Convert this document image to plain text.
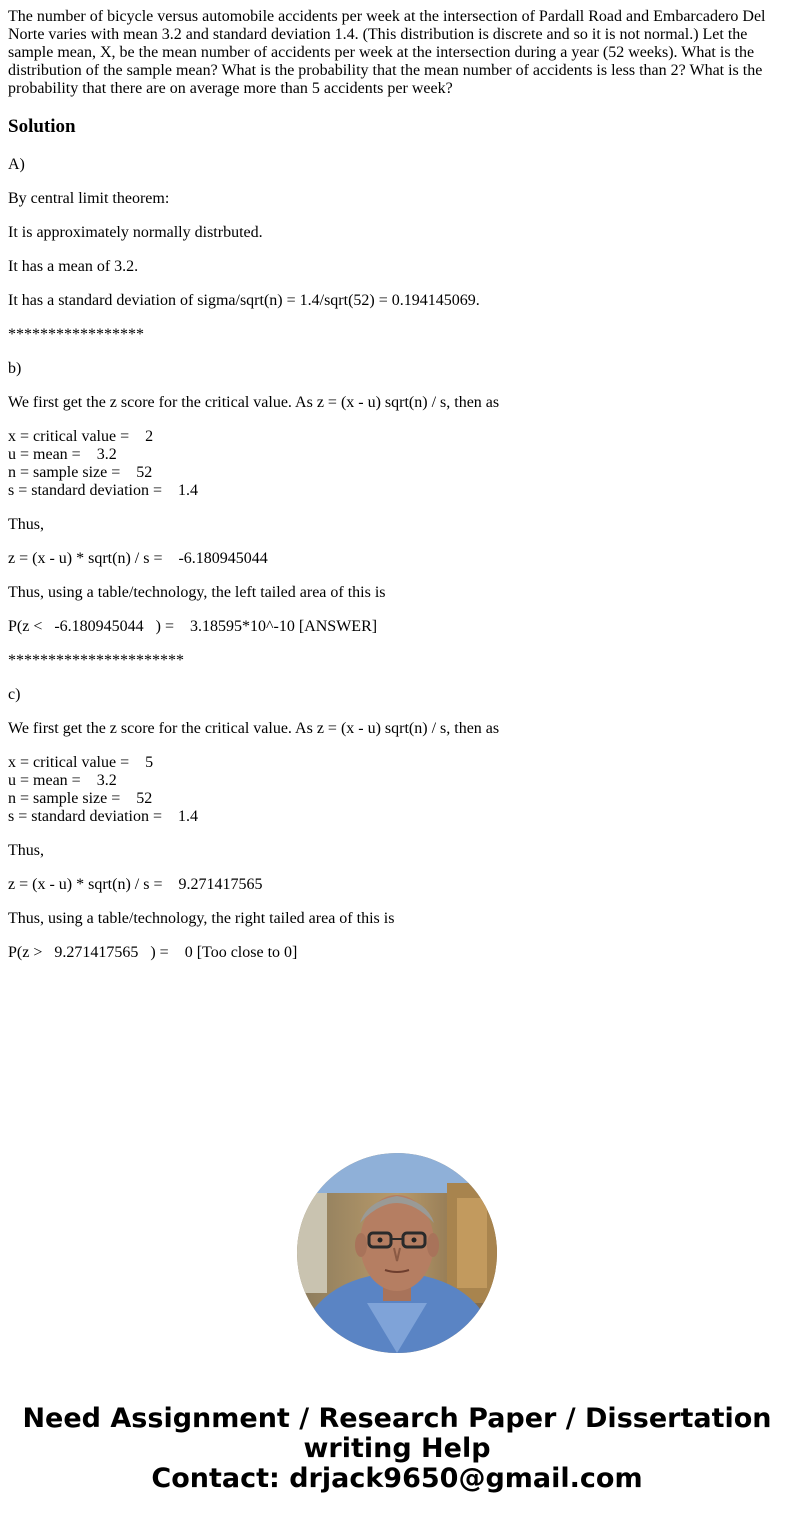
The number of bicycle versus automobile accidents per week at the intersection of Pardall Road and Embarcadero Del Norte varies with mean 3.2 and standard deviation 1.4. (This distribution is discrete and so it is not normal.) Let the sample mean, X, be the mean number of accidents per week at the intersection during a year (52 weeks). What is the distribution of the sample mean? What is the probability that the mean number of accidents is less than 2? What is the probability that there are on average more than 5 accidents per week?
Solution

A)

By central limit theorem:

It is approximately normally distrbuted.

It has a mean of 3.2.

It has a standard deviation of sigma/sqrt(n) = 1.4/sqrt(52) = 0.194145069.

*****************

b)

We first get the z score for the critical value. As z = (x - u) sqrt(n) / s, then as

x = critical value =    2
u = mean =    3.2
n = sample size =    52
s = standard deviation =    1.4

Thus,

z = (x - u) * sqrt(n) / s =    -6.180945044

Thus, using a table/technology, the left tailed area of this is

P(z <   -6.180945044   ) =    3.18595*10^-10 [ANSWER]

**********************

c)

We first get the z score for the critical value. As z = (x - u) sqrt(n) / s, then as

x = critical value =    5
u = mean =    3.2
n = sample size =    52
s = standard deviation =    1.4

Thus,

z = (x - u) * sqrt(n) / s =    9.271417565

Thus, using a table/technology, the right tailed area of this is

P(z >   9.271417565   ) =    0 [Too close to 0]

Need Assignment / Research Paper / Dissertation
writing Help
Contact: drjack9650@gmail.com
